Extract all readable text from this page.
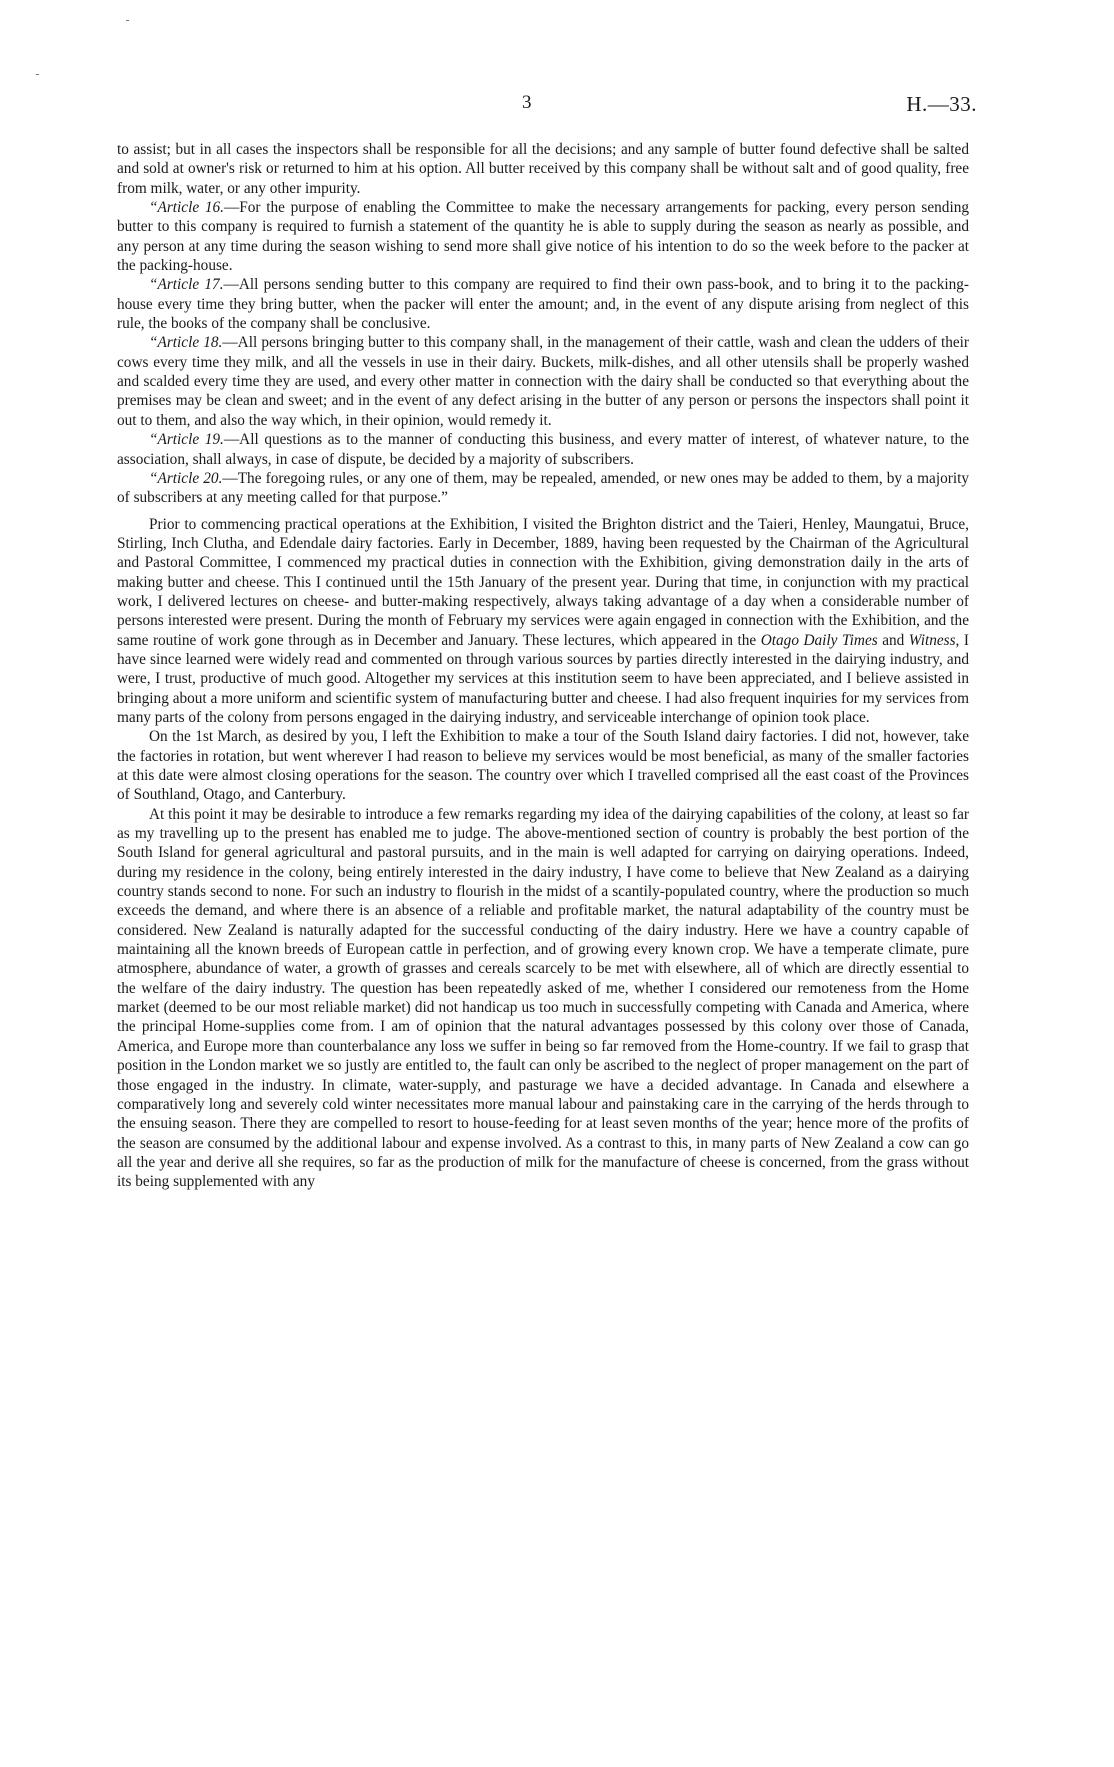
3	H.—33.

to assist; but in all cases the inspectors shall be responsible for all the decisions; and any sample of butter found defective shall be salted and sold at owner's risk or returned to him at his option. All butter received by this company shall be without salt and of good quality, free from milk, water, or any other impurity.

“Article 16.—For the purpose of enabling the Committee to make the necessary arrangements for packing, every person sending butter to this company is required to furnish a statement of the quantity he is able to supply during the season as nearly as possible, and any person at any time during the season wishing to send more shall give notice of his intention to do so the week before to the packer at the packing-house.

“Article 17.—All persons sending butter to this company are required to find their own pass-book, and to bring it to the packing-house every time they bring butter, when the packer will enter the amount; and, in the event of any dispute arising from neglect of this rule, the books of the company shall be conclusive.

“Article 18.—All persons bringing butter to this company shall, in the management of their cattle, wash and clean the udders of their cows every time they milk, and all the vessels in use in their dairy. Buckets, milk-dishes, and all other utensils shall be properly washed and scalded every time they are used, and every other matter in connection with the dairy shall be conducted so that everything about the premises may be clean and sweet; and in the event of any defect arising in the butter of any person or persons the inspectors shall point it out to them, and also the way which, in their opinion, would remedy it.

“Article 19.—All questions as to the manner of conducting this business, and every matter of interest, of whatever nature, to the association, shall always, in case of dispute, be decided by a majority of subscribers.

“Article 20.—The foregoing rules, or any one of them, may be repealed, amended, or new ones may be added to them, by a majority of subscribers at any meeting called for that purpose.”

Prior to commencing practical operations at the Exhibition, I visited the Brighton district and the Taieri, Henley, Maungatui, Bruce, Stirling, Inch Clutha, and Edendale dairy factories. Early in December, 1889, having been requested by the Chairman of the Agricultural and Pastoral Committee, I commenced my practical duties in connection with the Exhibition, giving demonstration daily in the arts of making butter and cheese. This I continued until the 15th January of the present year. During that time, in conjunction with my practical work, I delivered lectures on cheese- and butter-making respectively, always taking advantage of a day when a considerable number of persons interested were present. During the month of February my services were again engaged in connection with the Exhibition, and the same routine of work gone through as in December and January. These lectures, which appeared in the Otago Daily Times and Witness, I have since learned were widely read and commented on through various sources by parties directly interested in the dairying industry, and were, I trust, productive of much good. Altogether my services at this institution seem to have been appreciated, and I believe assisted in bringing about a more uniform and scientific system of manufacturing butter and cheese. I had also frequent inquiries for my services from many parts of the colony from persons engaged in the dairying industry, and serviceable interchange of opinion took place.

On the 1st March, as desired by you, I left the Exhibition to make a tour of the South Island dairy factories. I did not, however, take the factories in rotation, but went wherever I had reason to believe my services would be most beneficial, as many of the smaller factories at this date were almost closing operations for the season. The country over which I travelled comprised all the east coast of the Provinces of Southland, Otago, and Canterbury.

At this point it may be desirable to introduce a few remarks regarding my idea of the dairying capabilities of the colony, at least so far as my travelling up to the present has enabled me to judge. The above-mentioned section of country is probably the best portion of the South Island for general agricultural and pastoral pursuits, and in the main is well adapted for carrying on dairying operations. Indeed, during my residence in the colony, being entirely interested in the dairy industry, I have come to believe that New Zealand as a dairying country stands second to none. For such an industry to flourish in the midst of a scantily-populated country, where the production so much exceeds the demand, and where there is an absence of a reliable and profitable market, the natural adaptability of the country must be considered. New Zealand is naturally adapted for the successful conducting of the dairy industry. Here we have a country capable of maintaining all the known breeds of European cattle in perfection, and of growing every known crop. We have a temperate climate, pure atmosphere, abundance of water, a growth of grasses and cereals scarcely to be met with elsewhere, all of which are directly essential to the welfare of the dairy industry. The question has been repeatedly asked of me, whether I considered our remoteness from the Home market (deemed to be our most reliable market) did not handicap us too much in successfully competing with Canada and America, where the principal Home-supplies come from. I am of opinion that the natural advantages possessed by this colony over those of Canada, America, and Europe more than counterbalance any loss we suffer in being so far removed from the Home-country. If we fail to grasp that position in the London market we so justly are entitled to, the fault can only be ascribed to the neglect of proper management on the part of those engaged in the industry. In climate, water-supply, and pasturage we have a decided advantage. In Canada and elsewhere a comparatively long and severely cold winter necessitates more manual labour and painstaking care in the carrying of the herds through to the ensuing season. There they are compelled to resort to house-feeding for at least seven months of the year; hence more of the profits of the season are consumed by the additional labour and expense involved. As a contrast to this, in many parts of New Zealand a cow can go all the year and derive all she requires, so far as the production of milk for the manufacture of cheese is concerned, from the grass without its being supplemented with any
